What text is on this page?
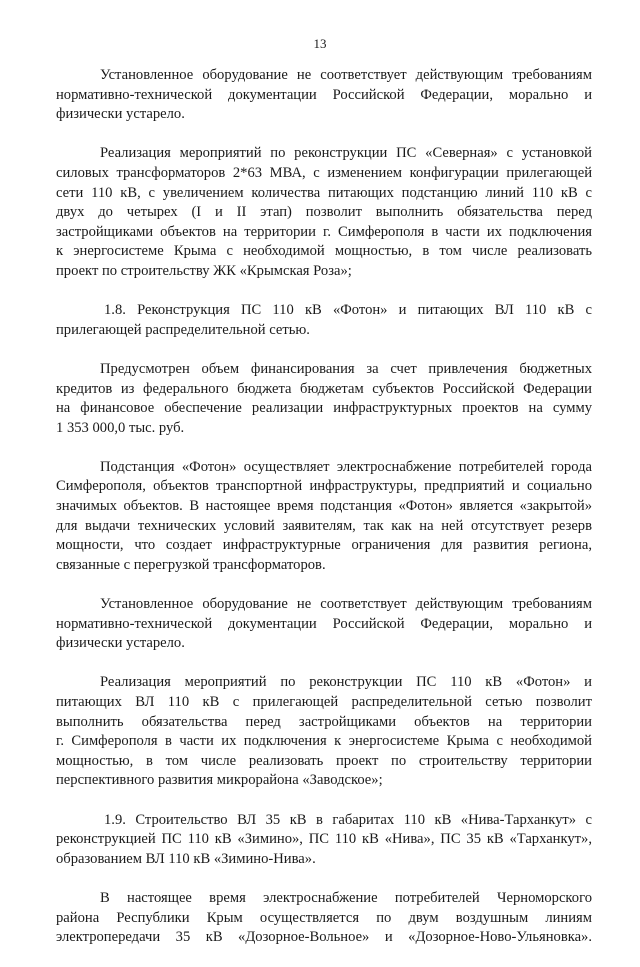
13

Установленное оборудование не соответствует действующим требованиям
нормативно-технической документации Российской Федерации, морально и
физически устарело.

Реализация мероприятий по реконструкции ПС «Северная» с установкой
силовых трансформаторов 2*63 МВА, с изменением конфигурации прилегающей
сети 110 кВ, с увеличением количества питающих подстанцию линий 110 кВ с
двух до четырех (I и II этап) позволит выполнить обязательства перед
застройщиками объектов на территории г. Симферополя в части их подключения
к энергосистеме Крыма с необходимой мощностью, в том числе реализовать
проект по строительству ЖК «Крымская Роза»;

1.8. Реконструкция ПС 110 кВ «Фотон» и питающих ВЛ 110 кВ с
прилегающей распределительной сетью.

Предусмотрен объем финансирования за счет привлечения бюджетных
кредитов из федерального бюджета бюджетам субъектов Российской Федерации
на финансовое обеспечение реализации инфраструктурных проектов на сумму
1 353 000,0 тыс. руб.

Подстанция «Фотон» осуществляет электроснабжение потребителей города
Симферополя, объектов транспортной инфраструктуры, предприятий и социально
значимых объектов. В настоящее время подстанция «Фотон» является «закрытой»
для выдачи технических условий заявителям, так как на ней отсутствует резерв
мощности, что создает инфраструктурные ограничения для развития региона,
связанные с перегрузкой трансформаторов.

Установленное оборудование не соответствует действующим требованиям
нормативно-технической документации Российской Федерации, морально и
физически устарело.

Реализация мероприятий по реконструкции ПС 110 кВ «Фотон» и
питающих ВЛ 110 кВ с прилегающей распределительной сетью позволит
выполнить обязательства перед застройщиками объектов на территории
г. Симферополя в части их подключения к энергосистеме Крыма с необходимой
мощностью, в том числе реализовать проект по строительству территории
перспективного развития микрорайона «Заводское»;

1.9. Строительство ВЛ 35 кВ в габаритах 110 кВ «Нива-Тарханкут» с
реконструкцией ПС 110 кВ «Зимино», ПС 110 кВ «Нива», ПС 35 кВ «Тарханкут»,
образованием ВЛ 110 кВ «Зимино-Нива».

В настоящее время электроснабжение потребителей Черноморского
района Республики Крым осуществляется по двум воздушным линиям
электропередачи 35 кВ «Дозорное-Вольное» и «Дозорное-Ново-Ульяновка».
